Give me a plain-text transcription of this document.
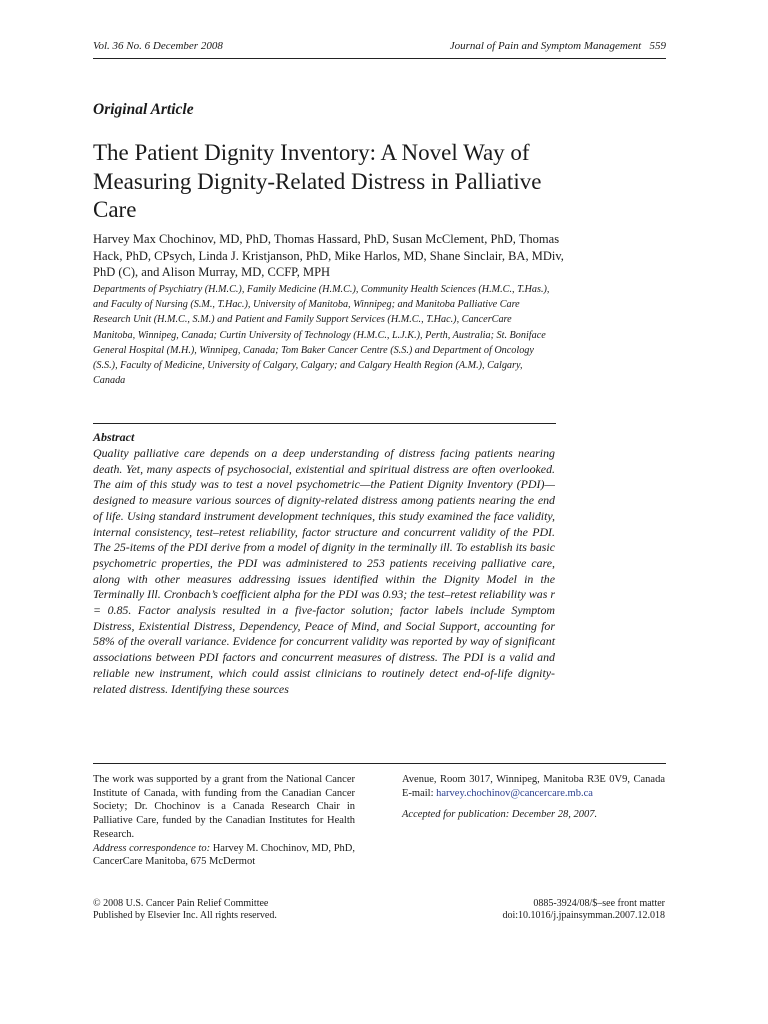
Vol. 36 No. 6 December 2008	Journal of Pain and Symptom Management   559
Original Article
The Patient Dignity Inventory: A Novel Way of Measuring Dignity-Related Distress in Palliative Care
Harvey Max Chochinov, MD, PhD, Thomas Hassard, PhD, Susan McClement, PhD, Thomas Hack, PhD, CPsych, Linda J. Kristjanson, PhD, Mike Harlos, MD, Shane Sinclair, BA, MDiv, PhD (C), and Alison Murray, MD, CCFP, MPH
Departments of Psychiatry (H.M.C.), Family Medicine (H.M.C.), Community Health Sciences (H.M.C., T.Has.), and Faculty of Nursing (S.M., T.Hac.), University of Manitoba, Winnipeg; and Manitoba Palliative Care Research Unit (H.M.C., S.M.) and Patient and Family Support Services (H.M.C., T.Hac.), CancerCare Manitoba, Winnipeg, Canada; Curtin University of Technology (H.M.C., L.J.K.), Perth, Australia; St. Boniface General Hospital (M.H.), Winnipeg, Canada; Tom Baker Cancer Centre (S.S.) and Department of Oncology (S.S.), Faculty of Medicine, University of Calgary, Calgary; and Calgary Health Region (A.M.), Calgary, Canada
Abstract
Quality palliative care depends on a deep understanding of distress facing patients nearing death. Yet, many aspects of psychosocial, existential and spiritual distress are often overlooked. The aim of this study was to test a novel psychometric—the Patient Dignity Inventory (PDI)—designed to measure various sources of dignity-related distress among patients nearing the end of life. Using standard instrument development techniques, this study examined the face validity, internal consistency, test–retest reliability, factor structure and concurrent validity of the PDI. The 25-items of the PDI derive from a model of dignity in the terminally ill. To establish its basic psychometric properties, the PDI was administered to 253 patients receiving palliative care, along with other measures addressing issues identified within the Dignity Model in the Terminally Ill. Cronbach’s coefficient alpha for the PDI was 0.93; the test–retest reliability was r = 0.85. Factor analysis resulted in a five-factor solution; factor labels include Symptom Distress, Existential Distress, Dependency, Peace of Mind, and Social Support, accounting for 58% of the overall variance. Evidence for concurrent validity was reported by way of significant associations between PDI factors and concurrent measures of distress. The PDI is a valid and reliable new instrument, which could assist clinicians to routinely detect end-of-life dignity-related distress. Identifying these sources

The work was supported by a grant from the National Cancer Institute of Canada, with funding from the Canadian Cancer Society; Dr. Chochinov is a Canada Research Chair in Palliative Care, funded by the Canadian Institutes for Health Research.

Address correspondence to: Harvey M. Chochinov, MD, PhD, CancerCare Manitoba, 675 McDermot

Avenue, Room 3017, Winnipeg, Manitoba R3E 0V9, Canada E-mail: harvey.chochinov@cancercare.mb.ca

Accepted for publication: December 28, 2007.

© 2008 U.S. Cancer Pain Relief Committee
Published by Elsevier Inc. All rights reserved.
0885-3924/08/$–see front matter
doi:10.1016/j.jpainsymman.2007.12.018
